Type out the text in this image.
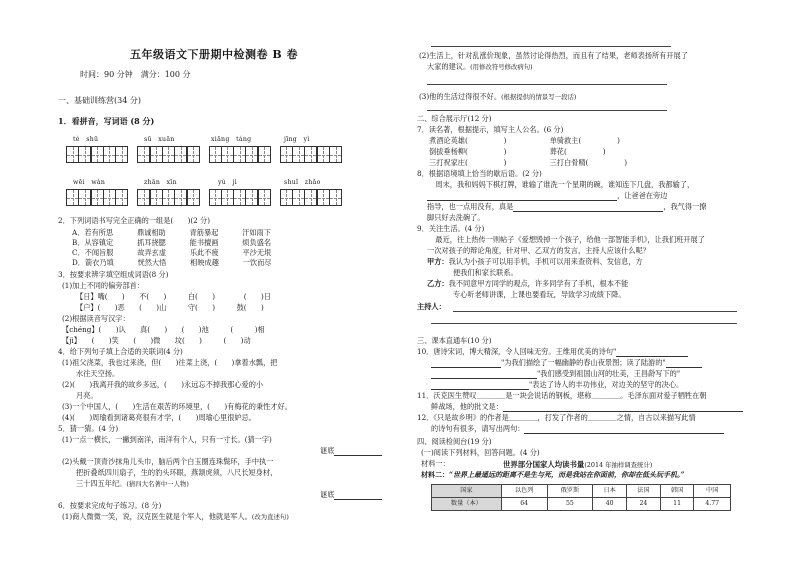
五年级语文下册期中检测卷 B 卷
时间：90 分钟　满分：100 分
一、基础训练营(34 分)
1．看拼音，写词语 (8 分)
tè　shū	sū　xuān	xiāng　táng	jīng　yì
wēi　wàn	zhān　xīn	yú　jì	shuǐ　zhǎo
2．下列词语书写完全正确的一组是(　　)(2 分)
A．若有所思　　　 鼎诚相助　　　 青筋暴起　　　 汗如雨下
B．从容镇定　　　 抓耳挠腮　　　 能书擅画　　　 烦负盛名
C．不闻旨服　　　 故弄玄虚　　　 乐此不疲　　　 平沙无垠
D．箭衣乃填　　　 恍然大悟　　　 相映成趣　　　 一饮而尽
3．按要求辨字填空组成词语(8 分)
(1)加上不同的偏旁部首：
【日】嘴(　　)　　不(　　)　　　白(　　)　　　　(　　)日
【户】(　　)恶　　(　　)山　　　守(　　)　　　鼓(　　)
(2)根据读音写汉字：
【chéng】(　　)认　　真(　　)　　(　　)池　　　(　　　)相
【jì】　　(　　)笑　　(　　)微　　坟(　　)　　　(　　)动
4．给下列句子填上合适的关联词(4 分)
(1)祖父浇菜，我也过来浇，但(　　)往菜上浇，(　　)拿着水瓢，把
水往天空扬。
(2)(　　)我离开我的故乡多远，(　　)永远忘不掉我那心爱的小
月亮。
(3)一个中国人，(　　)生活在艰苦的环境里，(　　)有梅花的秉性才好。
(4)(　　)周瑜看到诸葛亮很有才学，(　　)周瑜心里很妒忌。
5．猜一猜。(4 分)
(1)一点一横长，一撇到南洋，南洋有个人，只有一寸长。(猜一字)
谜底
(2)头戴一顶青沙抹角儿头巾，脑后两个白玉圈连珠鬓环，手中执一
把折叠纸四川扇子，生的豹头环眼，燕颔虎须，八尺长短身材，
三十四五年纪。(猜四大名著中一人物)
谜底
6．按要求完成句子练习。(8 分)
(1)商人微微一笑，说，汉克医生就是个军人，他就是军人。(改为直述句)
(2)生活上，针对乱涨价现象，虽然讨论得热烈，而且有了结果，老师表扬所有开展了
大家的建议。(用修改符号修改病句)
(3)他的生活过得很不好。(根据提供的情景写一段话)
二、综合展示厅(12 分)
7．读名著，根据提示，填写主人公名。(6 分)
煮酒论英雄(　　　　　)　　　　　　单骑救主(　　　　　)
倒拔垂杨柳(　　　　　)　　　　　　葬花(　　　　　)
三打祝家庄(　　　　　)　　　　　　三打白骨精(　　　　　)
8．根据语境填上恰当的歇后语。(2 分)
　　周末，我和妈妈下棋打牌，谁输了谁洗一个星期的碗，谁知连下几盘，我都输了，
，让爸爸在旁边
指导，也一点用没有，真是	，我气得一撩
脚只好去洗碗了。
9．关注生活。(4 分)
　　最近，往上热传一则帖子《爱想毁掉一个孩子，给他一部智能手机》，让我们班开展了
一次对孩子的辩论角度，针对甲、乙双方的发言，主持人应该什么呢？
甲方：我认为小孩子可以用手机，手机可以用来查资料、发信息，方
便我们和家长联系。
乙方：我不同意甲方同学的观点，许多同学有了手机，根本不能
专心听老师讲课，上课也要看玩，导致学习成绩下降。
主持人：
三、课本直通车(10 分)
10．唐诗宋词，博大精深，令人回味无穷。王维用优美的诗句"
"为我们描绘了一幅幽静的春山夜景图；读了陆游的"
"我们感受到祖国山河的壮美，王昌龄写下的"
"表达了诗人的丰功伟业，对边关的坚守的决心。
11．沃克医生赞叹＿＿＿＿是一块会说话的钢板，堪称＿＿＿＿。毛泽东面对爱子牺牲在朝
鲜战场，他的批文是：
12．《只是故乡明》的作者是＿＿＿＿，打发了作者的＿＿＿＿之情，自古以来描写此情
的诗句有很多，请写出两句：
四、阅读检阅台(19 分)
(一)阅读下列材料，回答问题。(4 分)
材料一：	世界部分国家人均读书量(2014 年抽样调查统计)
材料二：“世界上最遥远的距离不是生与死，而是我站在你面前，你却在低头玩手机。”
国家	以色列	俄罗斯	日本	法国	韩国	中国
数量（本）	64	55	40	24	11	4.77
